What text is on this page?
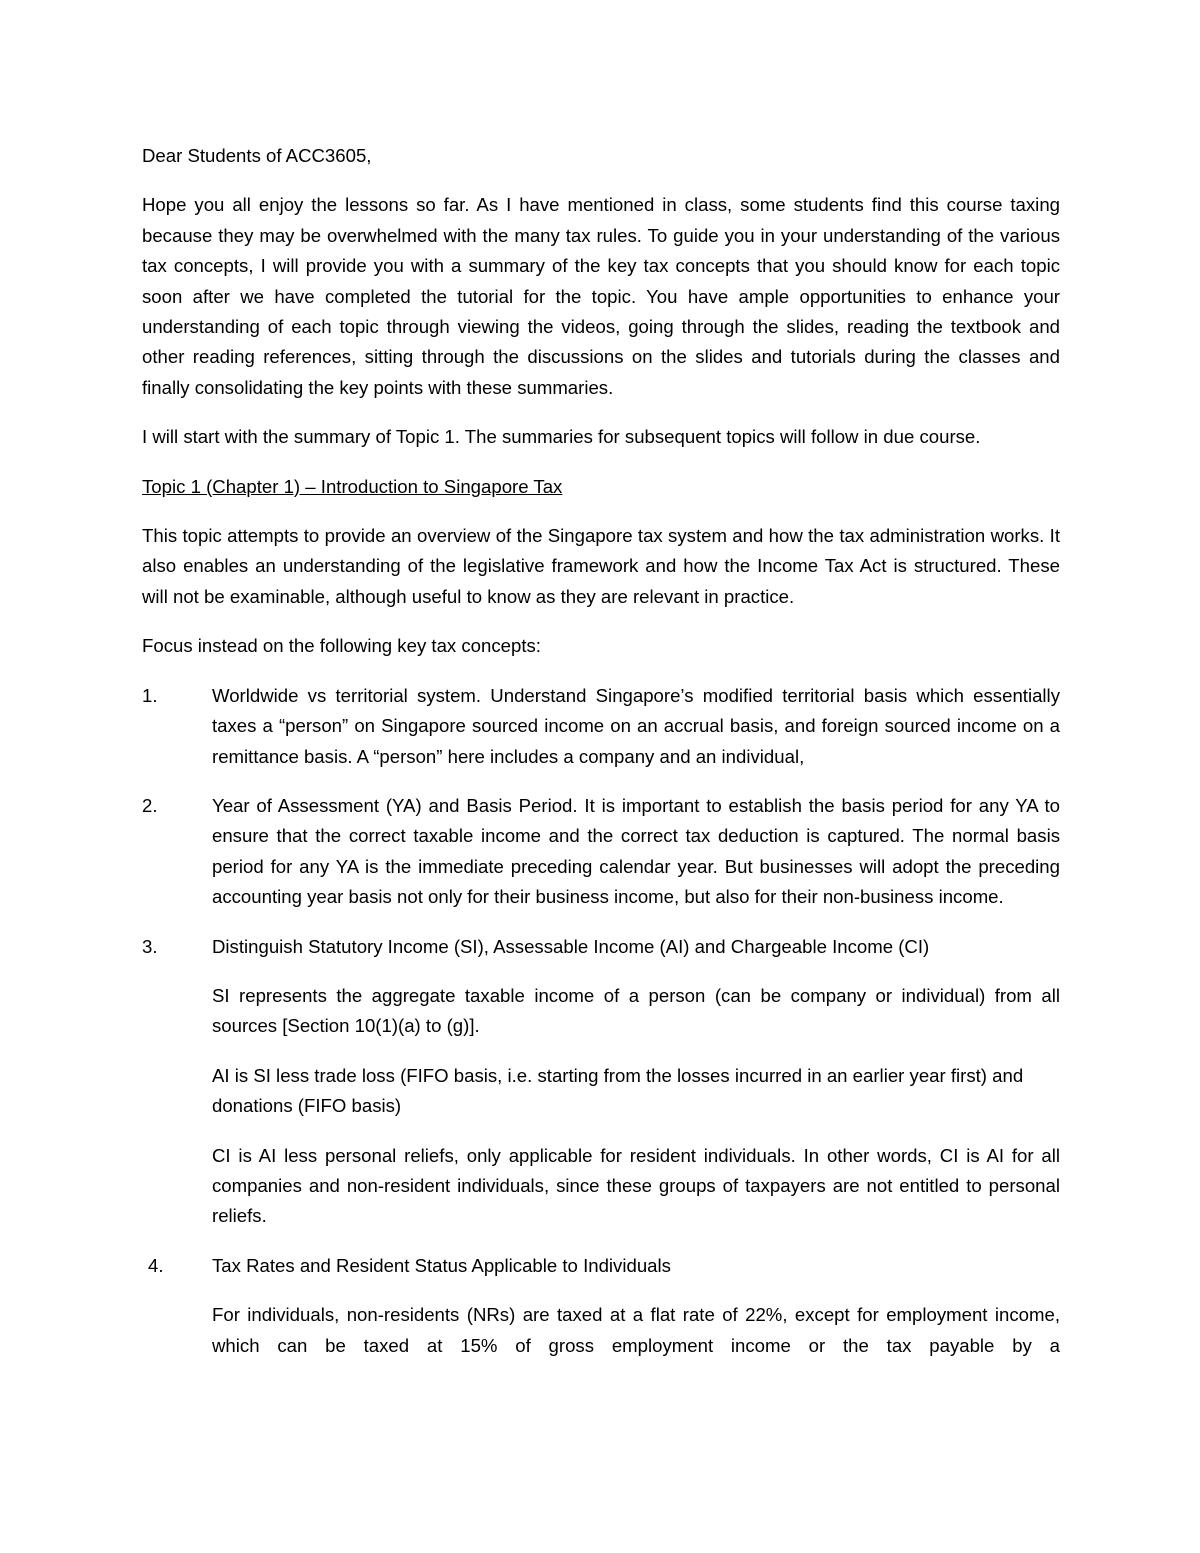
Dear Students of ACC3605,

Hope you all enjoy the lessons so far. As I have mentioned in class, some students find this course taxing because they may be overwhelmed with the many tax rules. To guide you in your understanding of the various tax concepts, I will provide you with a summary of the key tax concepts that you should know for each topic soon after we have completed the tutorial for the topic. You have ample opportunities to enhance your understanding of each topic through viewing the videos, going through the slides, reading the textbook and other reading references, sitting through the discussions on the slides and tutorials during the classes and finally consolidating the key points with these summaries.

I will start with the summary of Topic 1. The summaries for subsequent topics will follow in due course.

Topic 1 (Chapter 1) – Introduction to Singapore Tax

This topic attempts to provide an overview of the Singapore tax system and how the tax administration works. It also enables an understanding of the legislative framework and how the Income Tax Act is structured. These will not be examinable, although useful to know as they are relevant in practice.

Focus instead on the following key tax concepts:

1.	Worldwide vs territorial system. Understand Singapore’s modified territorial basis which essentially taxes a “person” on Singapore sourced income on an accrual basis, and foreign sourced income on a remittance basis. A “person” here includes a company and an individual,

2.	Year of Assessment (YA) and Basis Period. It is important to establish the basis period for any YA to ensure that the correct taxable income and the correct tax deduction is captured. The normal basis period for any YA is the immediate preceding calendar year. But businesses will adopt the preceding accounting year basis not only for their business income, but also for their non-business income.

3.	Distinguish Statutory Income (SI), Assessable Income (AI) and Chargeable Income (CI)

SI represents the aggregate taxable income of a person (can be company or individual) from all sources [Section 10(1)(a) to (g)].

AI is SI less trade loss (FIFO basis, i.e. starting from the losses incurred in an earlier year first) and donations (FIFO basis)

CI is AI less personal reliefs, only applicable for resident individuals. In other words, CI is AI for all companies and non-resident individuals, since these groups of taxpayers are not entitled to personal reliefs.

4.	Tax Rates and Resident Status Applicable to Individuals

For individuals, non-residents (NRs) are taxed at a flat rate of 22%, except for employment income, which can be taxed at 15% of gross employment income or the tax payable by a
